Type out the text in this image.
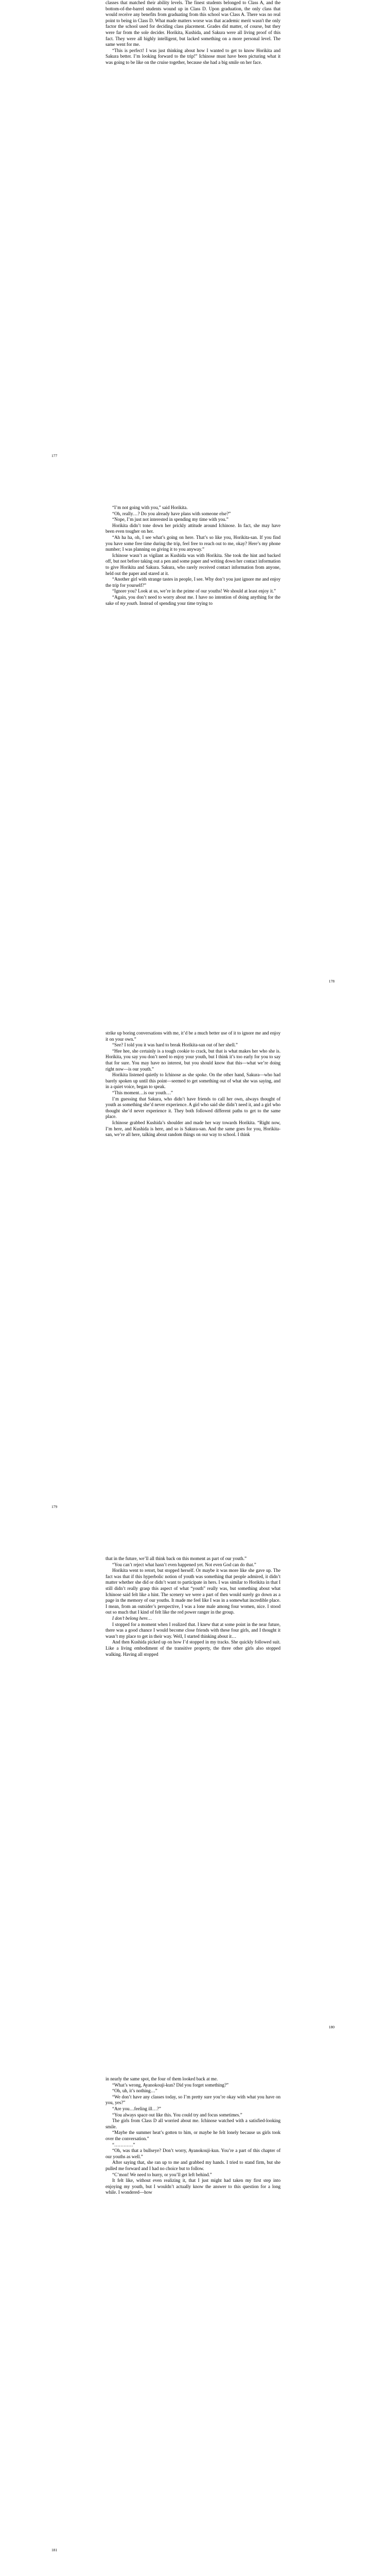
classes that matched their ability levels. The finest students belonged to Class A, and the bottom-of-the-barrel students wound up in Class D. Upon graduation, the only class that would receive any benefits from graduating from this school was Class A. There was no real point to being in Class D. What made matters worse was that academic merit wasn't the only factor the school used for deciding class placement. Grades did matter, of course, but they were far from the sole decider. Horikita, Kushida, and Sakura were all living proof of this fact. They were all highly intelligent, but lacked something on a more personal level. The same went for me.

“This is perfect! I was just thinking about how I wanted to get to know Horikita and Sakura better. I’m looking forward to the trip!” Ichinose must have been picturing what it was going to be like on the cruise together, because she had a big smile on her face.

177

“I’m not going with you,” said Horikita.

“Oh, really…? Do you already have plans with someone else?”

“Nope, I’m just not interested in spending my time with you.”

Horikita didn’t tone down her prickly attitude around Ichinose. In fact, she may have been even tougher on her.

“Ah ha ha, oh, I see what’s going on here. That’s so like you, Horikita-san. If you find you have some free time during the trip, feel free to reach out to me, okay? Here’s my phone number; I was planning on giving it to you anyway.”

Ichinose wasn’t as vigilant as Kushida was with Horikita. She took the hint and backed off, but not before taking out a pen and some paper and writing down her contact information to give Horikita and Sakura. Sakura, who rarely received contact information from anyone, held out the paper and stared at it.

“Another girl with strange tastes in people, I see. Why don’t you just ignore me and enjoy the trip for yourself?”

“Ignore you? Look at us, we’re in the prime of our youths! We should at least enjoy it.”

“Again, you don’t need to worry about me. I have no intention of doing anything for the sake of my youth. Instead of spending your time trying to

178

strike up boring conversations with me, it’d be a much better use of it to ignore me and enjoy it on your own.”

“See? I told you it was hard to break Horikita-san out of her shell.”

“Hee hee, she certainly is a tough cookie to crack, but that is what makes her who she is. Horikita, you say you don’t need to enjoy your youth, but I think it’s too early for you to say that for sure. You may have no interest, but you should know that this—what we’re doing right now—is our youth.”

Horikita listened quietly to Ichinose as she spoke. On the other hand, Sakura—who had barely spoken up until this point—seemed to get something out of what she was saying, and in a quiet voice, began to speak.

“This moment…is our youth…”

I’m guessing that Sakura, who didn’t have friends to call her own, always thought of youth as something she’d never experience. A girl who said she didn’t need it, and a girl who thought she’d never experience it. They both followed different paths to get to the same place.

Ichinose grabbed Kushida’s shoulder and made her way towards Horikita. “Right now, I’m here, and Kushida is here, and so is Sakura-san. And the same goes for you, Horikita-san, we’re all here, talking about random things on our way to school. I think

179

that in the future, we’ll all think back on this moment as part of our youth.”

“You can’t reject what hasn’t even happened yet. Not even God can do that.”

Horikita went to retort, but stopped herself. Or maybe it was more like she gave up. The fact was that if this hyperbolic notion of youth was something that people admired, it didn’t matter whether she did or didn’t want to participate in hers. I was similar to Horikita in that I still didn’t really grasp this aspect of what “youth” really was, but something about what Ichinose said felt like a hint. The scenery we were a part of then would surely go down as a page in the memory of our youths. It made me feel like I was in a somewhat incredible place. I mean, from an outsider’s perspective, I was a lone male among four women, nice. I stood out so much that I kind of felt like the red power ranger in the group.

I don’t belong here…

I stopped for a moment when I realized that. I knew that at some point in the near future, there was a good chance I would become close friends with these four girls, and I thought it wasn’t my place to get in their way. Well, I started thinking about it…

And then Kushida picked up on how I’d stopped in my tracks. She quickly followed suit. Like a living embodiment of the transitive property, the three other girls also stopped walking. Having all stopped

180

in nearly the same spot, the four of them looked back at me.

“What’s wrong, Ayanokouji-kun? Did you forget something?”

“Oh, uh, it’s nothing…”

“We don’t have any classes today, so I’m pretty sure you’re okay with what you have on you, yes?”

“Are you…feeling ill…?”

“You always space out like this. You could try and focus sometimes.”

The girls from Class D all worried about me. Ichinose watched with a satisfied-looking smile.

“Maybe the summer heat’s gotten to him, or maybe he felt lonely because us girls took over the conversation.”

“…………”

“Oh, was that a bullseye? Don’t worry, Ayanokouji-kun. You’re a part of this chapter of our youths as well.”

After saying that, she ran up to me and grabbed my hands. I tried to stand firm, but she pulled me forward and I had no choice but to follow.

“C’mon! We need to hurry, or you’ll get left behind.”

It felt like, without even realizing it, that I just might had taken my first step into enjoying my youth, but I wouldn’t actually know the answer to this question for a long while. I wondered—how

181
